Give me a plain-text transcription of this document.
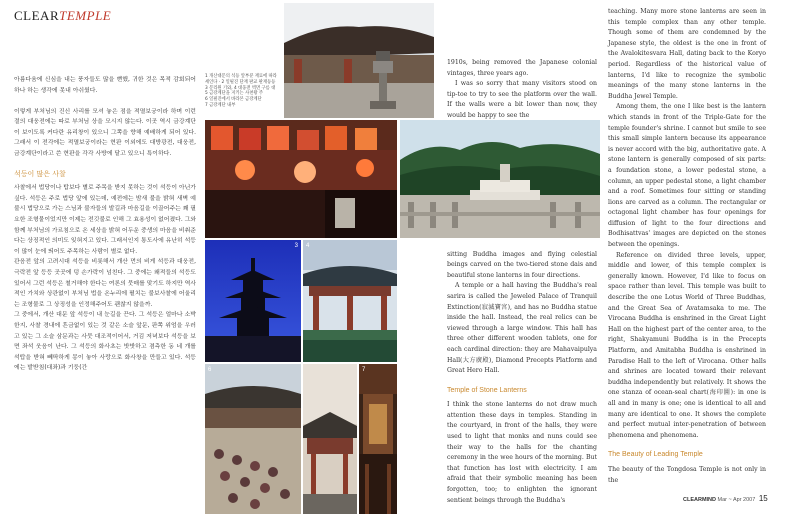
CLEARTEMPLE

아름다움에 신심을 내는 풍자들도 많을 뻔했, 귀한 것은 목적 감회되어 하나 하는 생각에 못내 아쉬웠다.

이렇게 부처님의 진신 사리를 모셔 놓은 점을 적멸보궁이라 하며 이런 절의 대웅전에는 따로 부처님 상을 모시지 않는다. 이곳 역시 금강계단이 보이도록 커다란 유리창이 있으니 그쪽을 향해 예배하게 되어 있다. 그래서 이 전각에는 적멸보궁이라는 현판 이외에도 대방광전, 대웅전, 금강계단이라고 쓴 현판을 각각 사방에 달고 있으니 특이하다.

석등이 많은 사찰

사찰에서 법당이나 탑보다 별로 주목을 받지 못하는 것이 석등이 아닌가 싶다. 석등은 주로 법당 앞에 있는데, 예전에는 밤새 불을 밝혀 새벽 예불시 법당으로 가는 스님과 불자들의 발길과 마음길을 이끌어주는 꽤 필요한 조형물이었지만 이제는 전깃불로 인해 그 효용성이 없어졌다. 그와 함께 부처님의 가르침으로 온 세상을 밝혀 어두운 중생의 마음을 비춰준다는 상징적인 의미도 잊혀지고 있다. 그래서인지 통도사에 유난히 석등이 많이 눈에 띄어도 주목하는 사람이 별로 없다.

관음전 앞의 고려시대 석등을 비롯해서 개산 먼의 비게 석등과 대웅전, 극락전 앞 등등 곳곳에 덩 손가락이 넘친다. 그 중에는 왜적들의 석등도 있어서 그런 석등은 철거해야 한다는 여론의 뭇매를 맞기도 하지만 역사적인 가치와 상관없이 부처님 법을 온누리에 펼치는 불보사찰에 어울리는 조형물로 그 상징성을 인정해주어도 괜찮지 않을까.

그 중에서, 개산 대문 앞 석등이 내 눈길을 끈다. 그 석등은 얼마나 소박한지, 사찰 경내에 흔금없이 있는 것 같은 소슬 앞문, 판쪽 위엄을 우러고 있는 그 소슬 삼문과는 사뭇 대조적이어서, 거김 저녁보다 석등을 보면 좌석 웃음이 난다. 그 석등의 화사초는 밧밧하고 겸측한 동 네 개를 석탑을 받혀 뻬딱하게 몽이 놓아 사랑으로 화사창을 만들고 있다. 석등에는 발받침(대좌)과 기둥(간

1 개산대문의 석등 앞부분 재료에 따라
세인다 · 2 일필진 단재 판교 판재등등
3 문리원 기와, 4 대웅전 벽면 구름 대
5 금강계단을 지키는 사천왕 주
6 일필진에서 바라본 금강계단
7 금강계단 내부
3 4
6	7

1910s, being removed the Japanese colonial vintages, three years ago.

I was so sorry that many visitors stood on tip-toe to try to see the platform over the wall. If the walls were a bit lower than now, they would be happy to see the

sitting Buddha images and flying celestial beings carved on the two-tiered stone dais and beautiful stone lanterns in four directions.

A temple or a hall having the Buddha's real sarira is called the Jeweled Palace of Tranquil Extinction(寂滅寶宮), and has no Buddha statue inside the hall. Instead, the real relics can be viewed through a large window. This hall has three other different wooden tablets, one for each cardinal direction: they are Mahavaipulya Hall(大方廣殿), Diamond Precepts Platform and Great Hero Hall.

Temple of Stone Lanterns

I think the stone lanterns do not draw much attention these days in temples. Standing in the courtyard, in front of the halls, they were used to light that monks and nuns could see their way to the halls for the chanting ceremony in the wee hours of the morning. But that function has lost with electricity. I am afraid that their symbolic meaning has been forgotten, too; to enlighten the ignorant sentient beings through the Buddha's

teaching. Many more stone lanterns are seen in this temple complex than any other temple. Though some of them are condemned by the Japanese style, the oldest is the one in front of the Avalokitesvara Hall, dating back to the Koryo period. Regardless of the historical value of lanterns, I'd like to recognize the symbolic meanings of the many stone lanterns in the Buddha Jewel Temple.

Among them, the one I like best is the lantern which stands in front of the Triple-Gate for the temple founder's shrine. I cannot but smile to see this small simple lantern because its appearance is never accord with the big, authoritative gate. A stone lantern is generally composed of six parts: a foundation stone, a lower pedestal stone, a column, an upper pedestal stone, a light chamber and a roof. Sometimes four sitting or standing lions are carved as a column. The rectangular or octagonal light chamber has four openings for diffusion of light to the four directions and Bodhisattvas' images are depicted on the stones between the openings.

Reference on divided three levels, upper, middle and lower, of this temple complex is generally known. However, I'd like to focus on space rather than level. This temple was built to describe the one Lotus World of Three Buddhas, and the Great Sea of Avatamsaka to me. The Virocana Buddha is enshrined in the Great Light Hall on the highest part of the center area, to the right, Shakyamuni Buddha is in the Precepts Platform, and Amitabha Buddha is enshrined in Paradise Hall to the left of Virocana. Other halls and shrines are located toward their relevant buddha independently but relatively. It shows the one stanza of ocean-seal chart(海印圖): in one is all and in many is one; one is identical to all and many are identical to one. It shows the complete and perfect mutual inter-penetration of between phenomena and phenomena.

The Beauty of Leading Temple

The beauty of the Tongdosa Temple is not only in the

CLEARMIND Mar ~ Apr 2007 15
